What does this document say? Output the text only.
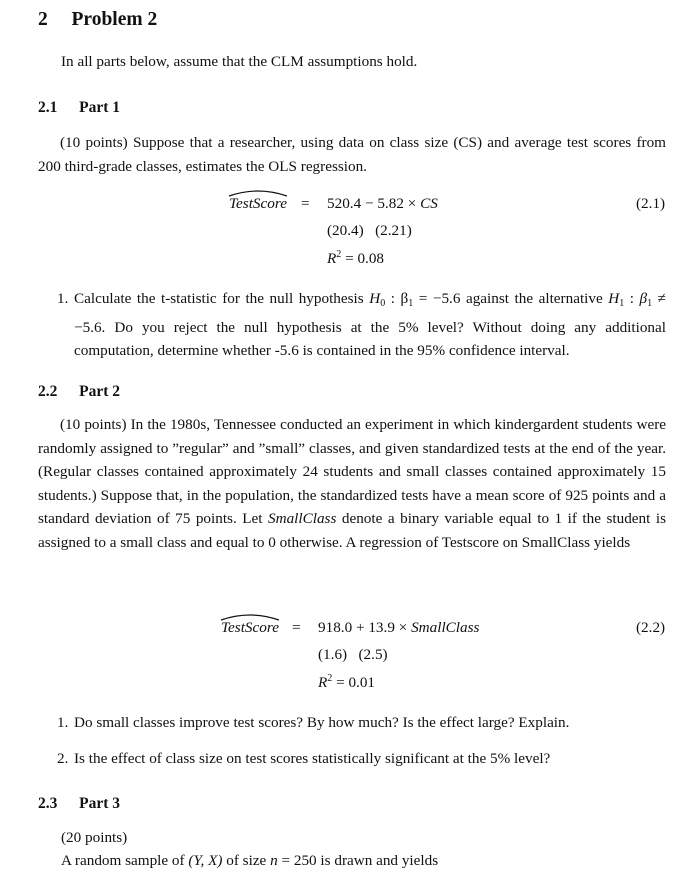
2 Problem 2
In all parts below, assume that the CLM assumptions hold.
2.1 Part 1
(10 points) Suppose that a researcher, using data on class size (CS) and average test scores from 200 third-grade classes, estimates the OLS regression.
TestScore = 520.4 − 5.82 × CS	(2.1)
(20.4)   (2.21)
$R^2 = 0.08$
1. Calculate the t-statistic for the null hypothesis $H_0$ : $\beta_1 = -5.6$ against the alternative $H_1$ : $\beta_1 \ne -5.6$. Do you reject the null hypothesis at the 5% level? Without doing any additional computation, determine whether -5.6 is contained in the 95% confidence interval.
2.2 Part 2
(10 points) In the 1980s, Tennessee conducted an experiment in which kindergardent students were randomly assigned to ”regular” and ”small” classes, and given standardized tests at the end of the year. (Regular classes contained approximately 24 students and small classes contained approximately 15 students.) Suppose that, in the population, the standardized tests have a mean score of 925 points and a standard deviation of 75 points. Let SmallClass denote a binary variable equal to 1 if the student is assigned to a small class and equal to 0 otherwise. A regression of Testscore on SmallClass yields
TestScore = 918.0 + 13.9 × SmallClass	(2.2)
(1.6)   (2.5)
$R^2 = 0.01$
1. Do small classes improve test scores? By how much? Is the effect large? Explain.
2. Is the effect of class size on test scores statistically significant at the 5% level?
2.3 Part 3
(20 points)
A random sample of (Y, X) of size n = 250 is drawn and yields
